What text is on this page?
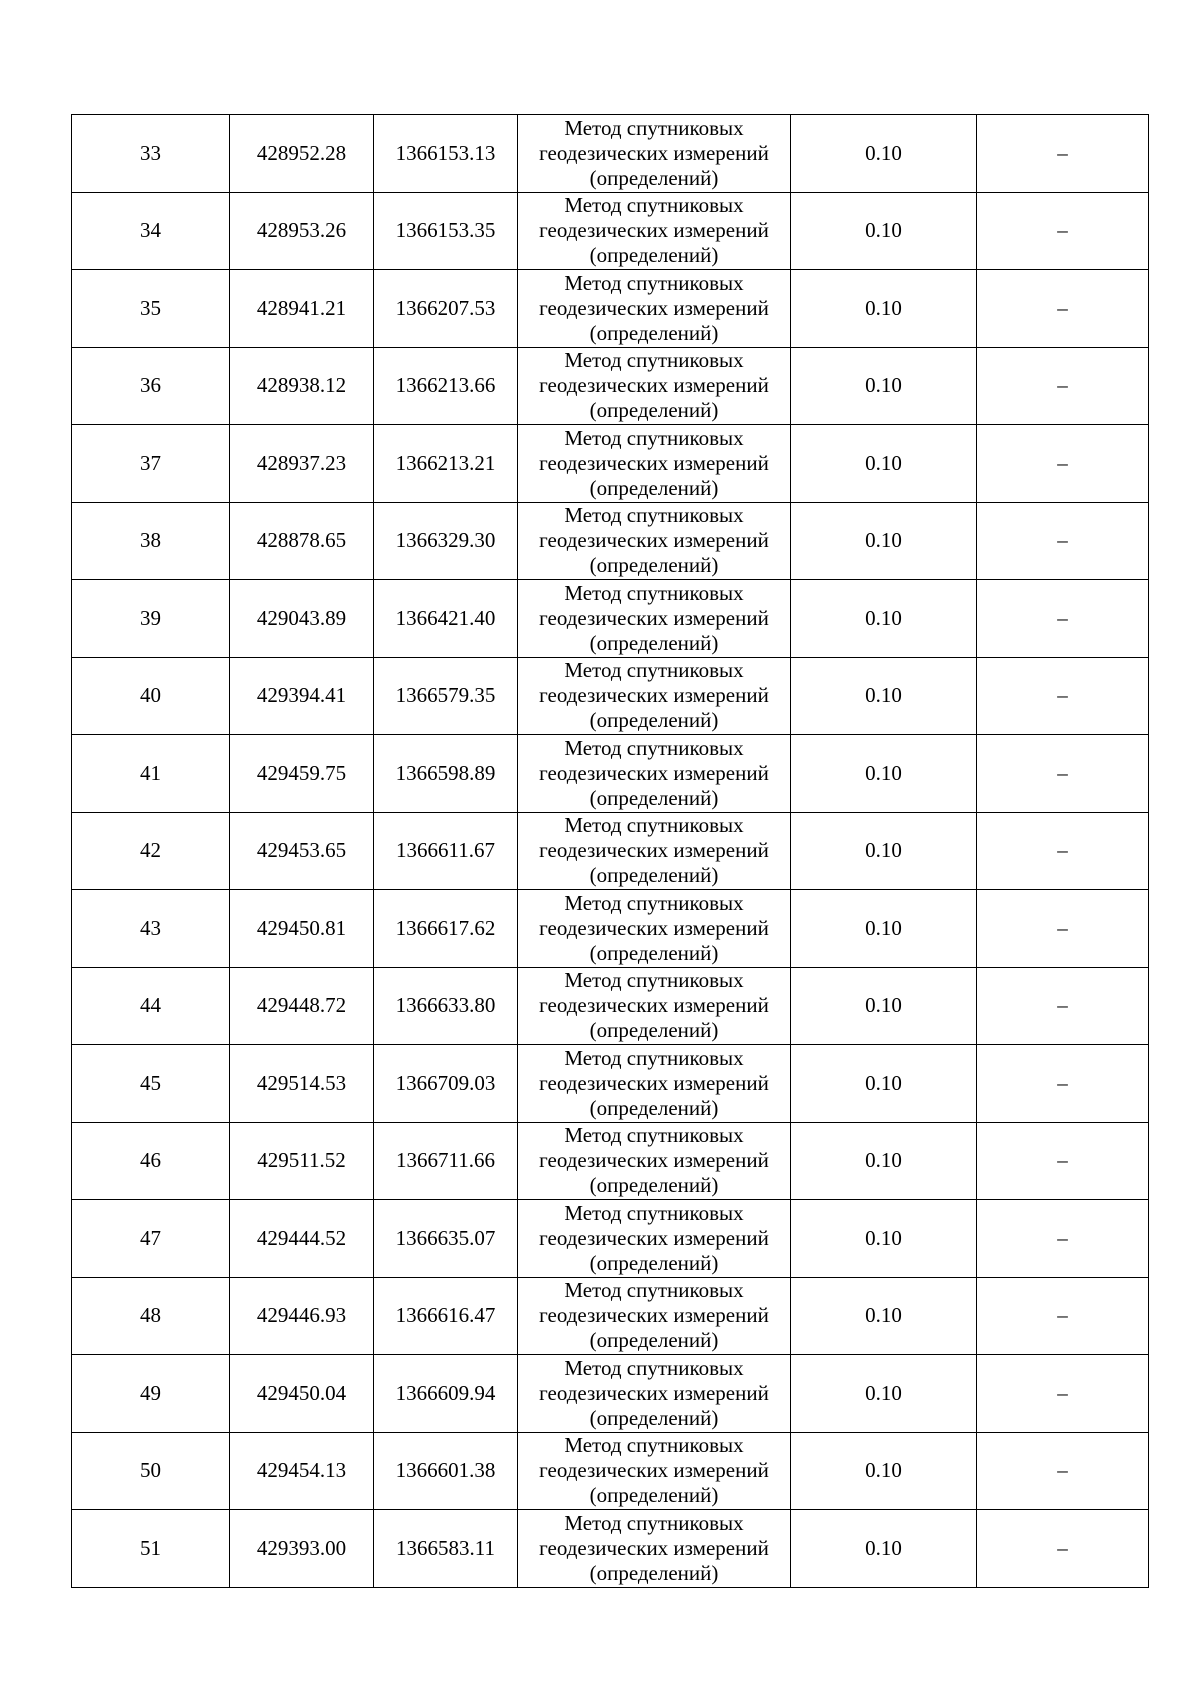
33	428952.28	1366153.13	Метод спутниковых
геодезических измерений
(определений)	0.10	–
34	428953.26	1366153.35	Метод спутниковых
геодезических измерений
(определений)	0.10	–
35	428941.21	1366207.53	Метод спутниковых
геодезических измерений
(определений)	0.10	–
36	428938.12	1366213.66	Метод спутниковых
геодезических измерений
(определений)	0.10	–
37	428937.23	1366213.21	Метод спутниковых
геодезических измерений
(определений)	0.10	–
38	428878.65	1366329.30	Метод спутниковых
геодезических измерений
(определений)	0.10	–
39	429043.89	1366421.40	Метод спутниковых
геодезических измерений
(определений)	0.10	–
40	429394.41	1366579.35	Метод спутниковых
геодезических измерений
(определений)	0.10	–
41	429459.75	1366598.89	Метод спутниковых
геодезических измерений
(определений)	0.10	–
42	429453.65	1366611.67	Метод спутниковых
геодезических измерений
(определений)	0.10	–
43	429450.81	1366617.62	Метод спутниковых
геодезических измерений
(определений)	0.10	–
44	429448.72	1366633.80	Метод спутниковых
геодезических измерений
(определений)	0.10	–
45	429514.53	1366709.03	Метод спутниковых
геодезических измерений
(определений)	0.10	–
46	429511.52	1366711.66	Метод спутниковых
геодезических измерений
(определений)	0.10	–
47	429444.52	1366635.07	Метод спутниковых
геодезических измерений
(определений)	0.10	–
48	429446.93	1366616.47	Метод спутниковых
геодезических измерений
(определений)	0.10	–
49	429450.04	1366609.94	Метод спутниковых
геодезических измерений
(определений)	0.10	–
50	429454.13	1366601.38	Метод спутниковых
геодезических измерений
(определений)	0.10	–
51	429393.00	1366583.11	Метод спутниковых
геодезических измерений
(определений)	0.10	–
